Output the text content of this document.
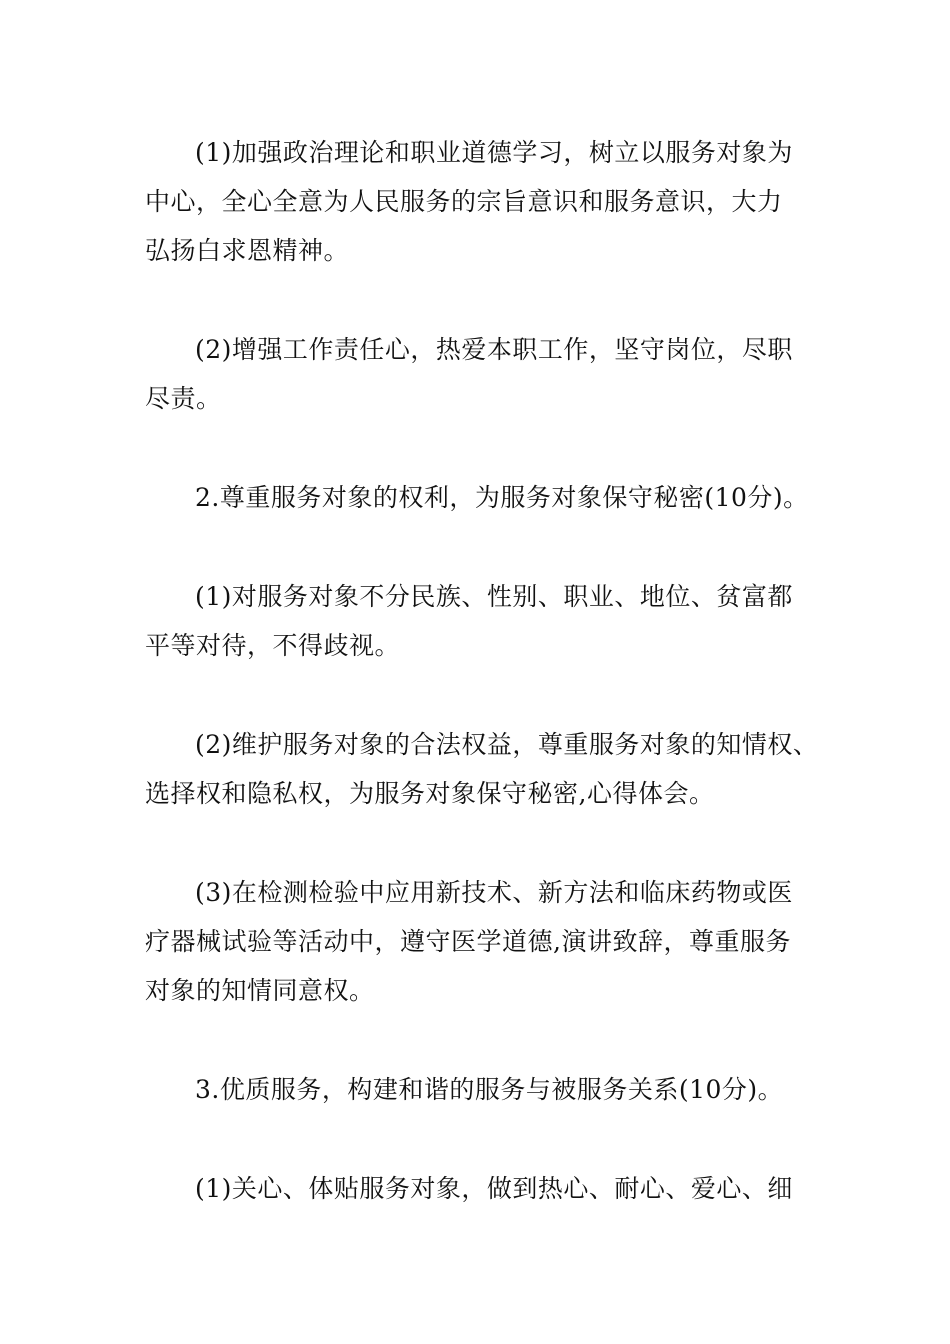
(1)加强政治理论和职业道德学习，树立以服务对象为
中心，全心全意为人民服务的宗旨意识和服务意识，大力
弘扬白求恩精神。
(2)增强工作责任心，热爱本职工作，坚守岗位，尽职
尽责。
2.尊重服务对象的权利，为服务对象保守秘密(10分)。
(1)对服务对象不分民族、性别、职业、地位、贫富都
平等对待，不得歧视。
(2)维护服务对象的合法权益，尊重服务对象的知情权、
选择权和隐私权，为服务对象保守秘密,心得体会。
(3)在检测检验中应用新技术、新方法和临床药物或医
疗器械试验等活动中，遵守医学道德,演讲致辞，尊重服务
对象的知情同意权。
3.优质服务，构建和谐的服务与被服务关系(10分)。
(1)关心、体贴服务对象，做到热心、耐心、爱心、细
